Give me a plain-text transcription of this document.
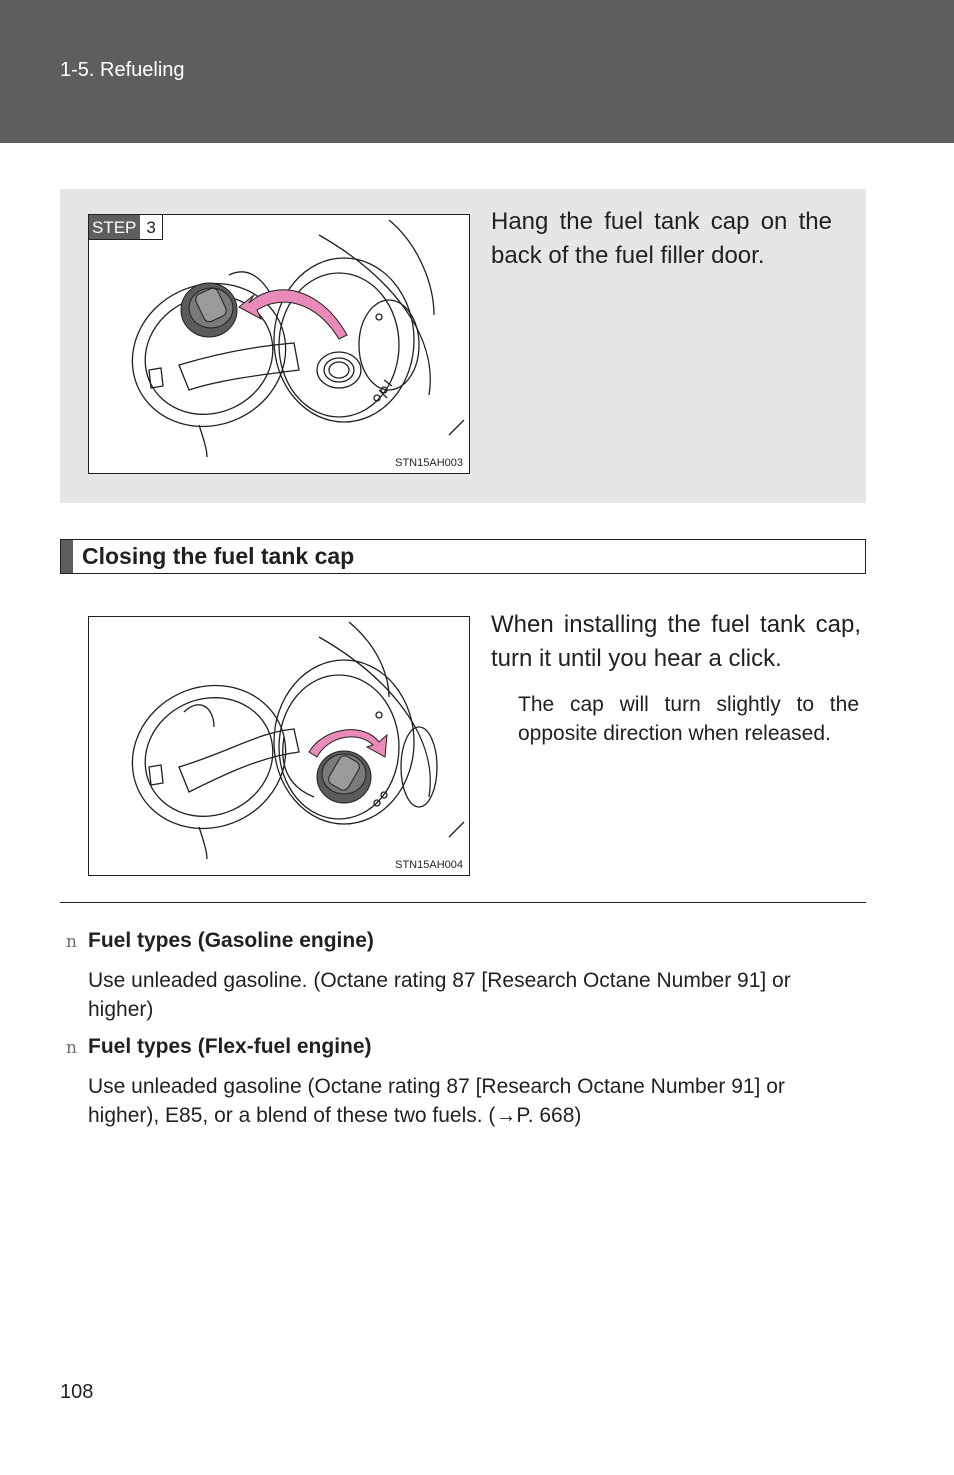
1-5. Refueling
STEP 3
STN15AH003
Hang the fuel tank cap on the back of the fuel filler door.
Closing the fuel tank cap
STN15AH004
When installing the fuel tank cap, turn it until you hear a click.
The cap will turn slightly to the opposite direction when released.
n Fuel types (Gasoline engine)
Use unleaded gasoline. (Octane rating 87 [Research Octane Number 91] or higher)
n Fuel types (Flex-fuel engine)
Use unleaded gasoline (Octane rating 87 [Research Octane Number 91] or higher), E85, or a blend of these two fuels. (→P. 668)
108
